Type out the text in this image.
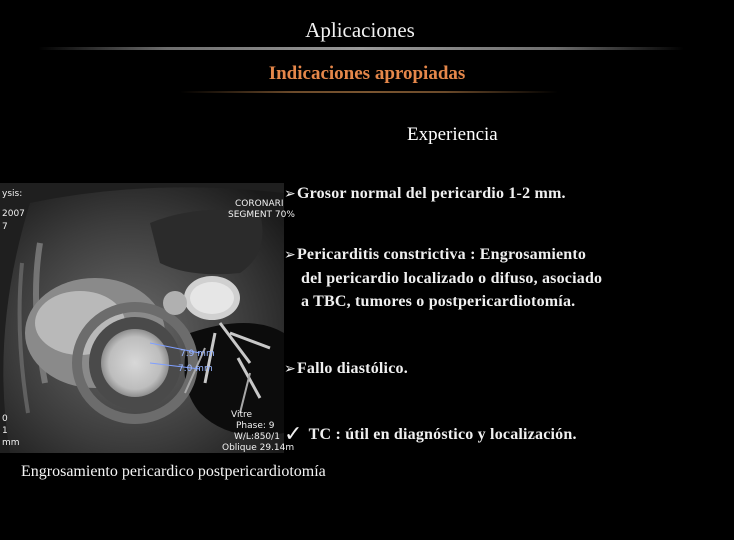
Aplicaciones
Indicaciones apropiadas
Experiencia
ysis:
2007
7
CORONARI
SEGMENT 70%
7.9 mm
7.0 mm
Vitre
Phase: 9
W/L:850/1
Oblique 29.14m
0
1
mm
➢Grosor normal del pericardio 1-2 mm.
➢Pericarditis constrictiva : Engrosamiento
del pericardio localizado o difuso, asociado
a TBC, tumores o postpericardiotomía.
➢Fallo diastólico.
✓ TC : útil en diagnóstico y localización.
Engrosamiento pericardico postpericardiotomía
